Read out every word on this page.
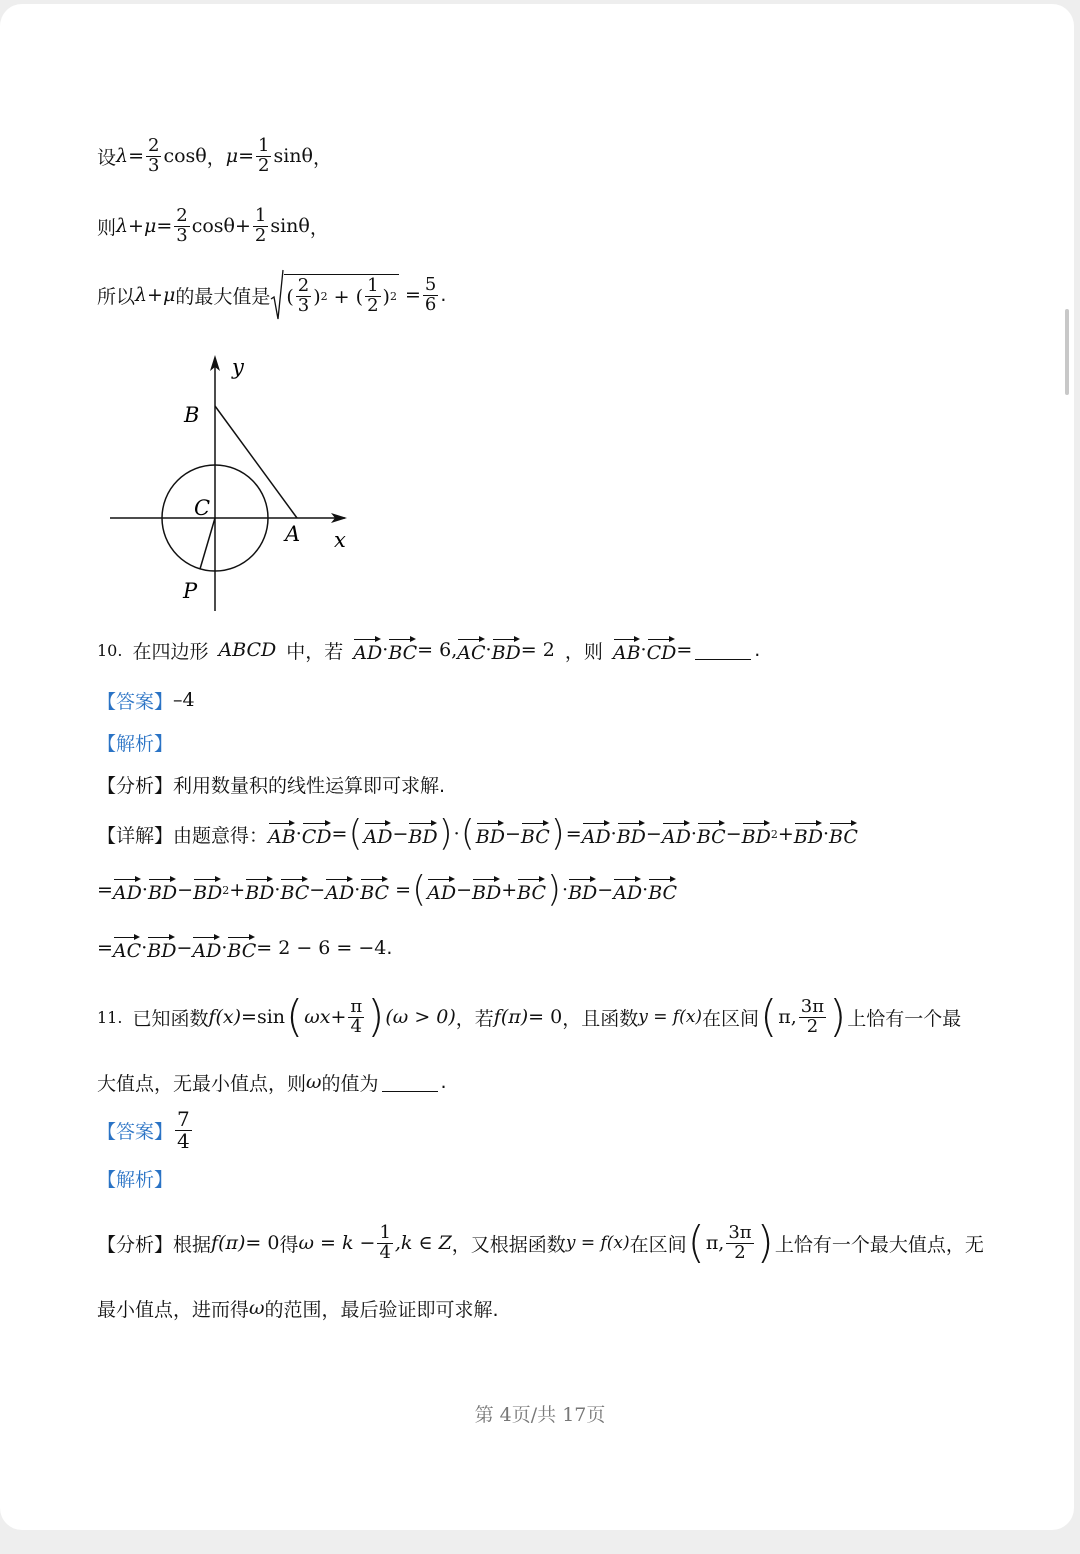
设 $\lambda = \frac{2}{3}$ cosθ ， $\mu = \frac{1}{2}$ sinθ ，
则 $\lambda+\mu = \frac{2}{3}$ $\cos\theta + \frac{1}{2}$ sinθ ，
所以 λ+μ 的最大值是 ( $\frac{2}{3}$ ) 2 + ( $\frac{1}{2}$ ) $2 = \frac{5}{6}$ .
y
B
C
A x
P
10. 在四边形 ABCD 中，若 AD · BC = 6, AC · BD = 2 ，则 AB · CD =	.
【答案】 –4
【解析】
【分析】 利用数量积的线性运算即可求解.
【详解】 由题意得： AB · CD = ( AD − BD ) · ( BD − BC ) = AD · BD − AD · BC − BD 2 + BD · BC
= AD · BD − BD 2 + BD · BC − AD · BC = ( AD − BD + BC ) · BD − AD · BC
= AC · BD − AD · BC = 2 − 6 = −4 .
11. 已知函数 f(x) = sin ( $\omega x + \frac{\pi}{4}$ ) (ω > 0) ，若 f(π) = 0 ，且函数 y = f(x) 在区间 ( π, $\frac{3\pi}{2}$ ) 上恰有一个最
大值点，无最小值点，则 ω 的值为	.
【答案】 $\frac{7}{4}$
【解析】
【分析】 根据 f(π) = 0 得 $\omega = k - \frac{1}{4} ,k$ ∈ Z ，又根据函数 y = f(x) 在区间 ( π, $\frac{3\pi}{2}$ ) 上恰有一个最大值点，无
最小值点，进而得 ω 的范围，最后验证即可求解.
第 4页/共 17页
